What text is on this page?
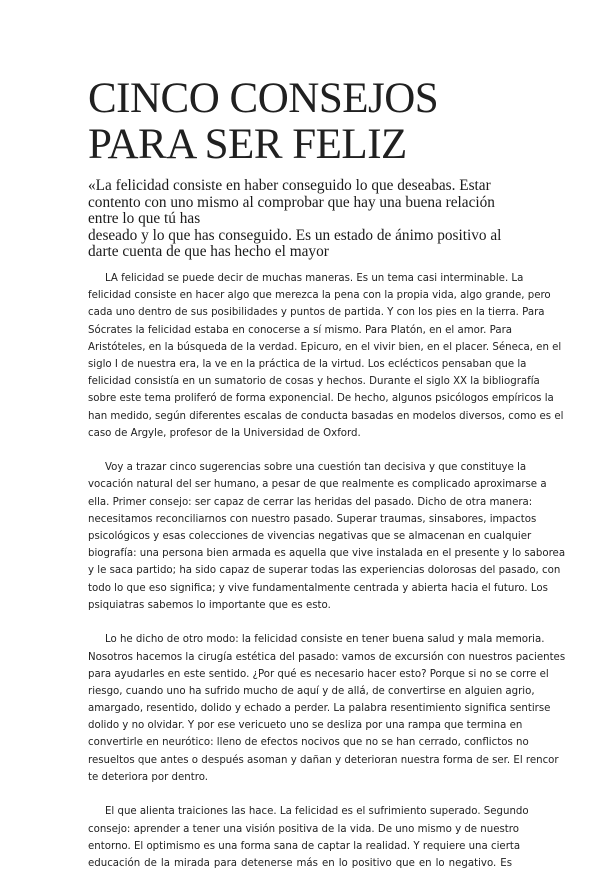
CINCO CONSEJOS
PARA SER FELIZ
«La felicidad consiste en haber conseguido lo que deseabas. Estar
contento con uno mismo al comprobar que hay una buena relación
entre lo que tú has
deseado y lo que has conseguido. Es un estado de ánimo positivo al
darte cuenta de que has hecho el mayor
LA felicidad se puede decir de muchas maneras. Es un tema casi interminable. La
felicidad consiste en hacer algo que merezca la pena con la propia vida, algo grande, pero
cada uno dentro de sus posibilidades y puntos de partida. Y con los pies en la tierra. Para
Sócrates la felicidad estaba en conocerse a sí mismo. Para Platón, en el amor. Para
Aristóteles, en la búsqueda de la verdad. Epicuro, en el vivir bien, en el placer. Séneca, en el
siglo I de nuestra era, la ve en la práctica de la virtud. Los eclécticos pensaban que la
felicidad consistía en un sumatorio de cosas y hechos. Durante el siglo XX la bibliografía
sobre este tema proliferó de forma exponencial. De hecho, algunos psicólogos empíricos la
han medido, según diferentes escalas de conducta basadas en modelos diversos, como es el
caso de Argyle, profesor de la Universidad de Oxford.
Voy a trazar cinco sugerencias sobre una cuestión tan decisiva y que constituye la
vocación natural del ser humano, a pesar de que realmente es complicado aproximarse a
ella. Primer consejo: ser capaz de cerrar las heridas del pasado. Dicho de otra manera:
necesitamos reconciliarnos con nuestro pasado. Superar traumas, sinsabores, impactos
psicológicos y esas colecciones de vivencias negativas que se almacenan en cualquier
biografía: una persona bien armada es aquella que vive instalada en el presente y lo saborea
y le saca partido; ha sido capaz de superar todas las experiencias dolorosas del pasado, con
todo lo que eso significa; y vive fundamentalmente centrada y abierta hacia el futuro. Los
psiquiatras sabemos lo importante que es esto.
Lo he dicho de otro modo: la felicidad consiste en tener buena salud y mala memoria.
Nosotros hacemos la cirugía estética del pasado: vamos de excursión con nuestros pacientes
para ayudarles en este sentido. ¿Por qué es necesario hacer esto? Porque si no se corre el
riesgo, cuando uno ha sufrido mucho de aquí y de allá, de convertirse en alguien agrio,
amargado, resentido, dolido y echado a perder. La palabra resentimiento significa sentirse
dolido y no olvidar. Y por ese vericueto uno se desliza por una rampa que termina en
convertirle en neurótico: lleno de efectos nocivos que no se han cerrado, conflictos no
resueltos que antes o después asoman y dañan y deterioran nuestra forma de ser. El rencor
te deteriora por dentro.
El que alienta traiciones las hace. La felicidad es el sufrimiento superado. Segundo
consejo: aprender a tener una visión positiva de la vida. De uno mismo y de nuestro
entorno. El optimismo es una forma sana de captar la realidad. Y requiere una cierta
educación de la mirada para detenerse más en lo positivo que en lo negativo. Es
